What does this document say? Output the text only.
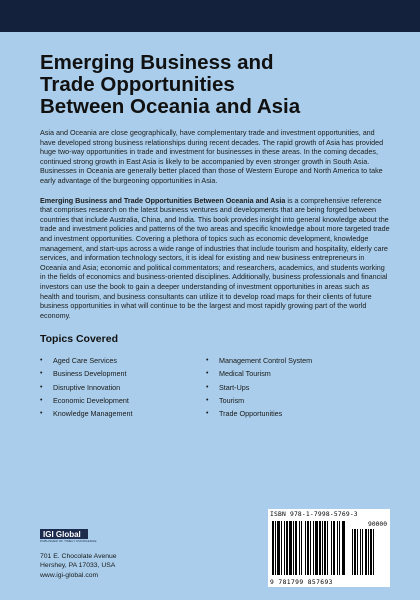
Emerging Business and
Trade Opportunities
Between Oceania and Asia

Asia and Oceania are close geographically, have complementary trade and investment opportunities, and have developed strong business relationships during recent decades. The rapid growth of Asia has provided huge two-way opportunities in trade and investment for businesses in these areas. In the coming decades, continued strong growth in East Asia is likely to be accompanied by even stronger growth in South Asia. Businesses in Oceania are generally better placed than those of Western Europe and North America to take early advantage of the burgeoning opportunities in Asia.

Emerging Business and Trade Opportunities Between Oceania and Asia is a comprehensive reference that comprises research on the latest business ventures and developments that are being forged between countries that include Australia, China, and India. This book provides insight into general knowledge about the trade and investment policies and patterns of the two areas and specific knowledge about more targeted trade and investment opportunities. Covering a plethora of topics such as economic development, knowledge management, and start-ups across a wide range of industries that include tourism and hospitality, elderly care services, and information technology sectors, it is ideal for existing and new business entrepreneurs in Oceania and Asia; economic and political commentators; and researchers, academics, and students working in the fields of economics and business-oriented disciplines. Additionally, business professionals and financial investors can use the book to gain a deeper understanding of investment opportunities in areas such as health and tourism, and business consultants can utilize it to develop road maps for their clients of future business opportunities in what will continue to be the largest and most rapidly growing part of the world economy.

Topics Covered
• Aged Care Services
• Business Development
• Disruptive Innovation
• Economic Development
• Knowledge Management
• Management Control System
• Medical Tourism
• Start-Ups
• Tourism
• Trade Opportunities
IGI Global
PUBLISHER OF TIMELY KNOWLEDGE
701 E. Chocolate Avenue
Hershey, PA 17033, USA
www.igi-global.com
ISBN 978-1-7998-5769-3
90000
9 781799 857693
